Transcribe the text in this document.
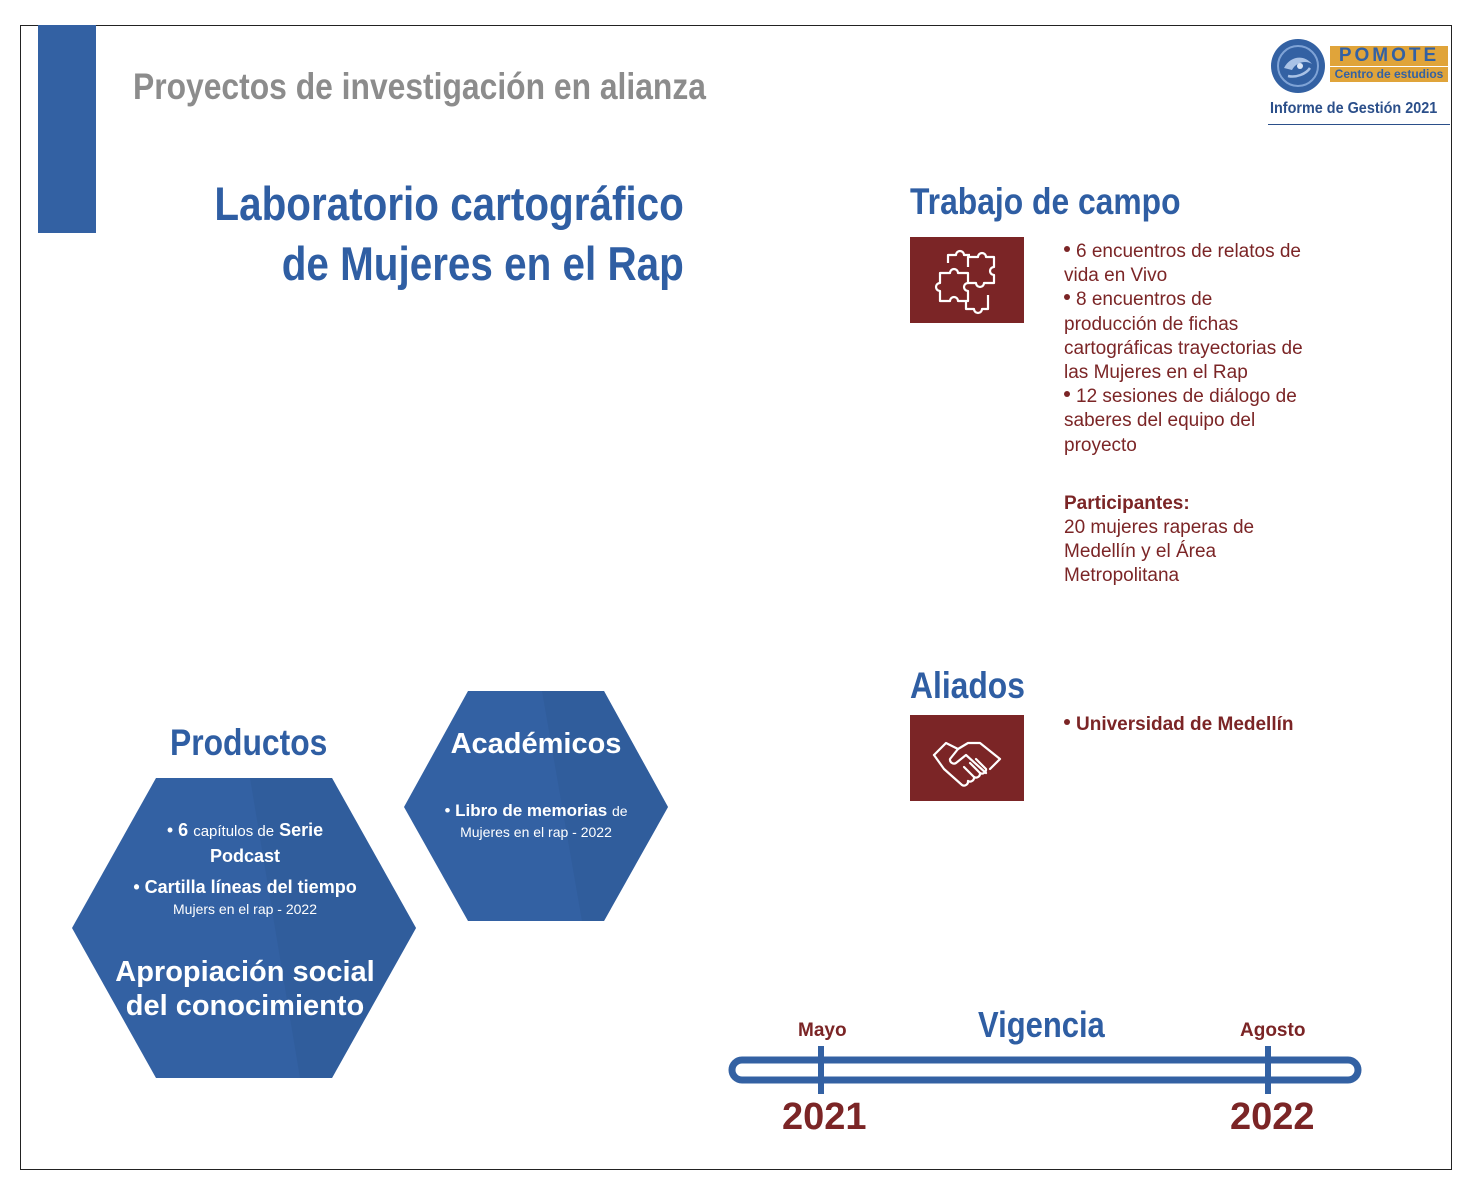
Proyectos de investigación en alianza
POMOTE
Centro de estudios
Informe de Gestión 2021
Laboratorio cartográfico
de Mujeres en el Rap
Trabajo de campo
6 encuentros de relatos de
vida en Vivo
8 encuentros de
producción de fichas
cartográficas trayectorias de
las Mujeres en el Rap
12 sesiones de diálogo de
saberes del equipo del
proyecto
Participantes:
20 mujeres raperas de
Medellín y el Área
Metropolitana
Aliados
Universidad de Medellín
Productos
• 6 capítulos de Serie
Podcast
• Cartilla líneas del tiempo
Mujers en el rap - 2022
Apropiación social
del conocimiento
Académicos
• Libro de memorias de
Mujeres en el rap - 2022
Vigencia
Mayo	Agosto
2021	2022
